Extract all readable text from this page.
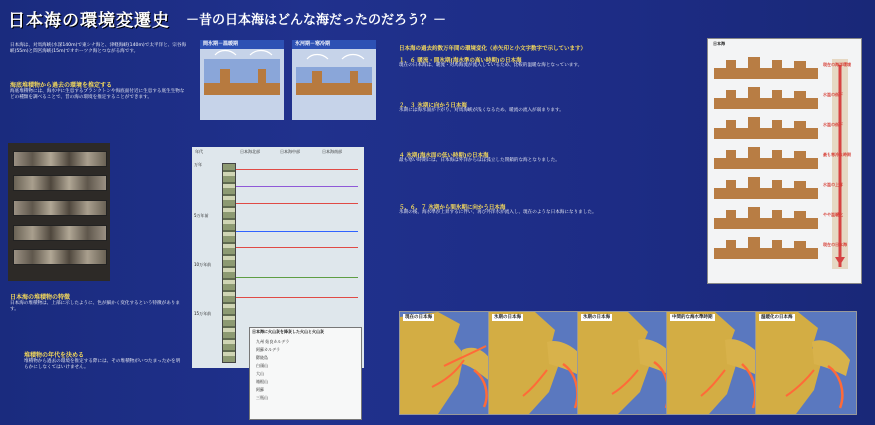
日本海の環境変遷史 －昔の日本海はどんな海だったのだろう？－
日本海は、対馬海峡(水深140m)で東シナ海と、津軽海峡(140m)で太平洋と、宗谷海峡(55m)と間宮海峡(15m)でオホーツク海とつながる海です。
海底堆積物から過去の環境を推定する
海底堆積物には、海水中に生息するプランクトンや海底面付近に生息する底生生物などの種類を調べることで、昔の海の環境を推定することができます。
日本海の堆積物の特徴
日本海の堆積物は、上部に示したように、色が細かく変化するという特徴があります。
堆積物の年代を決める
堆積物から過去の環境を推定する際には、その堆積物がいつたまったかを明らかにしなくてはいけません。
間氷期－温暖期	氷河期－寒冷期
年代	日本海北部	日本海中部	日本海南部
万年
5万年前
10万年前
15万年前
日本海に火山灰を降灰した火山と火山灰
九州 始良カルデラ
阿蘇カルデラ
鬱陵島
白頭山
大山
箱根山
阿蘇
三瓶山
日本海の過去約数万年間の環境変化（赤矢印と小文字数字で示しています）
１、６ 暖流・間氷期(海水準の高い時期)の日本海
現在の日本海は、暖流・対馬海流が流入しているため、比較的温暖な海となっています。
２、３ 氷期に向かう日本海
氷期には海水面が下がり、対馬海峡が浅くなるため、暖流の流入が弱まります。
４ 氷期(海水面の低い時期)の日本海
最も寒い時期には、日本海は外洋からほぼ孤立した閉鎖的な海となりました。
５、６、７ 氷期から間氷期に向かう日本海
氷期の後、海水準が上昇するに伴い、再び外洋水が流入し、現在のような日本海になりました。
日本海
現在の海洋環境
水温の低下
水温の低下
最も寒冷な時期
水温の上昇
やや温暖化
現在の日本海
現在の日本海	氷期の日本海	氷期の日本海	中間的な海水準時期	温暖化の日本海
